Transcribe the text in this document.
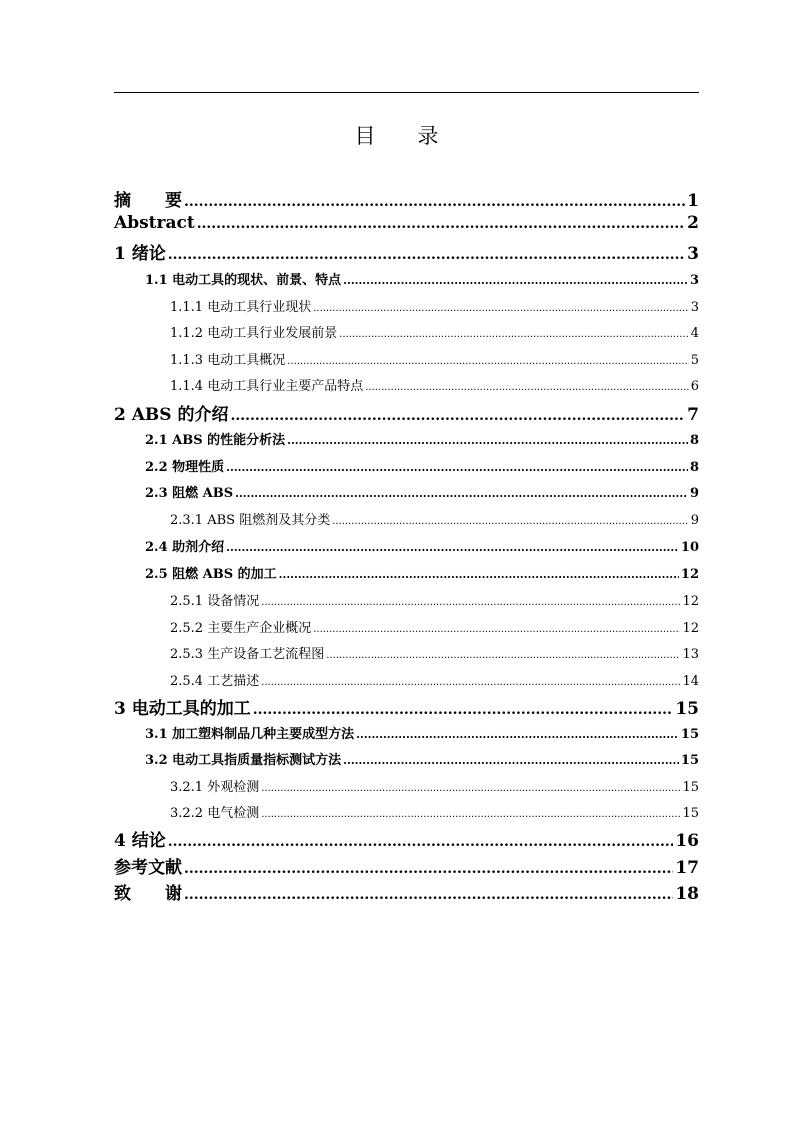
目　　录
摘　　要 .....	1
Abstract .....	2
1 绪论 .....	3
1.1 电动工具的现状、前景、特点 .....	3
1.1.1 电动工具行业现状 .....	3
1.1.2 电动工具行业发展前景 .....	4
1.1.3 电动工具概况 .....	5
1.1.4 电动工具行业主要产品特点 .....	6
2 ABS 的介绍 .....	7
2.1 ABS 的性能分析法 .....	8
2.2 物理性质 .....	8
2.3 阻燃 ABS .....	9
2.3.1 ABS 阻燃剂及其分类 .....	9
2.4 助剂介绍 .....	10
2.5 阻燃 ABS 的加工 .....	12
2.5.1 设备情况 .....	12
2.5.2 主要生产企业概况 .....	12
2.5.3 生产设备工艺流程图 .....	13
2.5.4 工艺描述 .....	14
3 电动工具的加工 .....	15
3.1 加工塑料制品几种主要成型方法 .....	15
3.2 电动工具指质量指标测试方法 .....	15
3.2.1 外观检测 .....	15
3.2.2 电气检测 .....	15
4 结论 .....	16
参考文献 .....	17
致　　谢 .....	18
